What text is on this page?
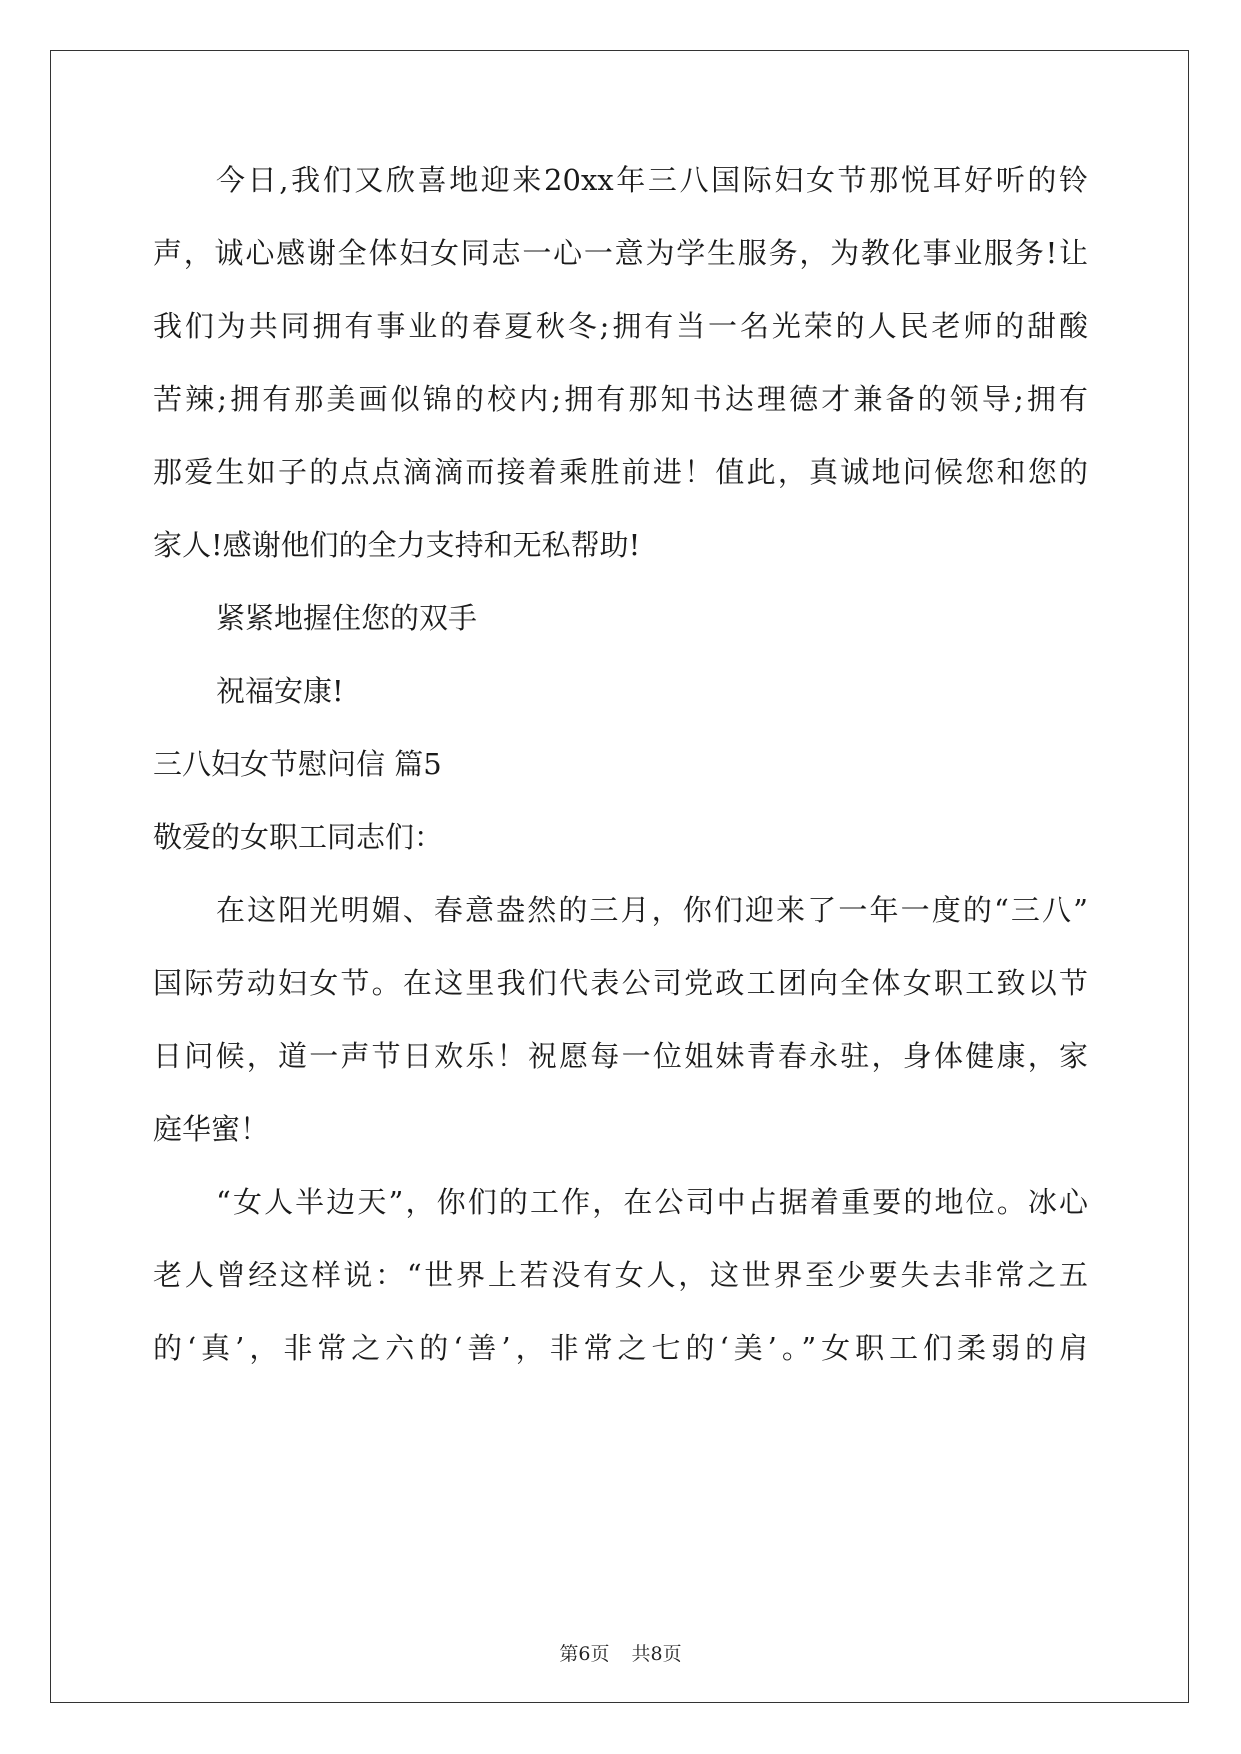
今日,我们又欣喜地迎来20xx年三八国际妇女节那悦耳好听的铃
声，诚心感谢全体妇女同志一心一意为学生服务，为教化事业服务!让
我们为共同拥有事业的春夏秋冬;拥有当一名光荣的人民老师的甜酸
苦辣;拥有那美画似锦的校内;拥有那知书达理德才兼备的领导;拥有
那爱生如子的点点滴滴而接着乘胜前进！值此，真诚地问候您和您的
家人!感谢他们的全力支持和无私帮助!
紧紧地握住您的双手
祝福安康!
三八妇女节慰问信 篇5
敬爱的女职工同志们：
在这阳光明媚、春意盎然的三月，你们迎来了一年一度的“三八”
国际劳动妇女节。在这里我们代表公司党政工团向全体女职工致以节
日问候，道一声节日欢乐！祝愿每一位姐妹青春永驻，身体健康，家
庭华蜜！
“女人半边天”，你们的工作，在公司中占据着重要的地位。冰心
老人曾经这样说：“世界上若没有女人，这世界至少要失去非常之五
的‘真’，非常之六的‘善’，非常之七的‘美’。”女职工们柔弱的肩
第6页 共8页
